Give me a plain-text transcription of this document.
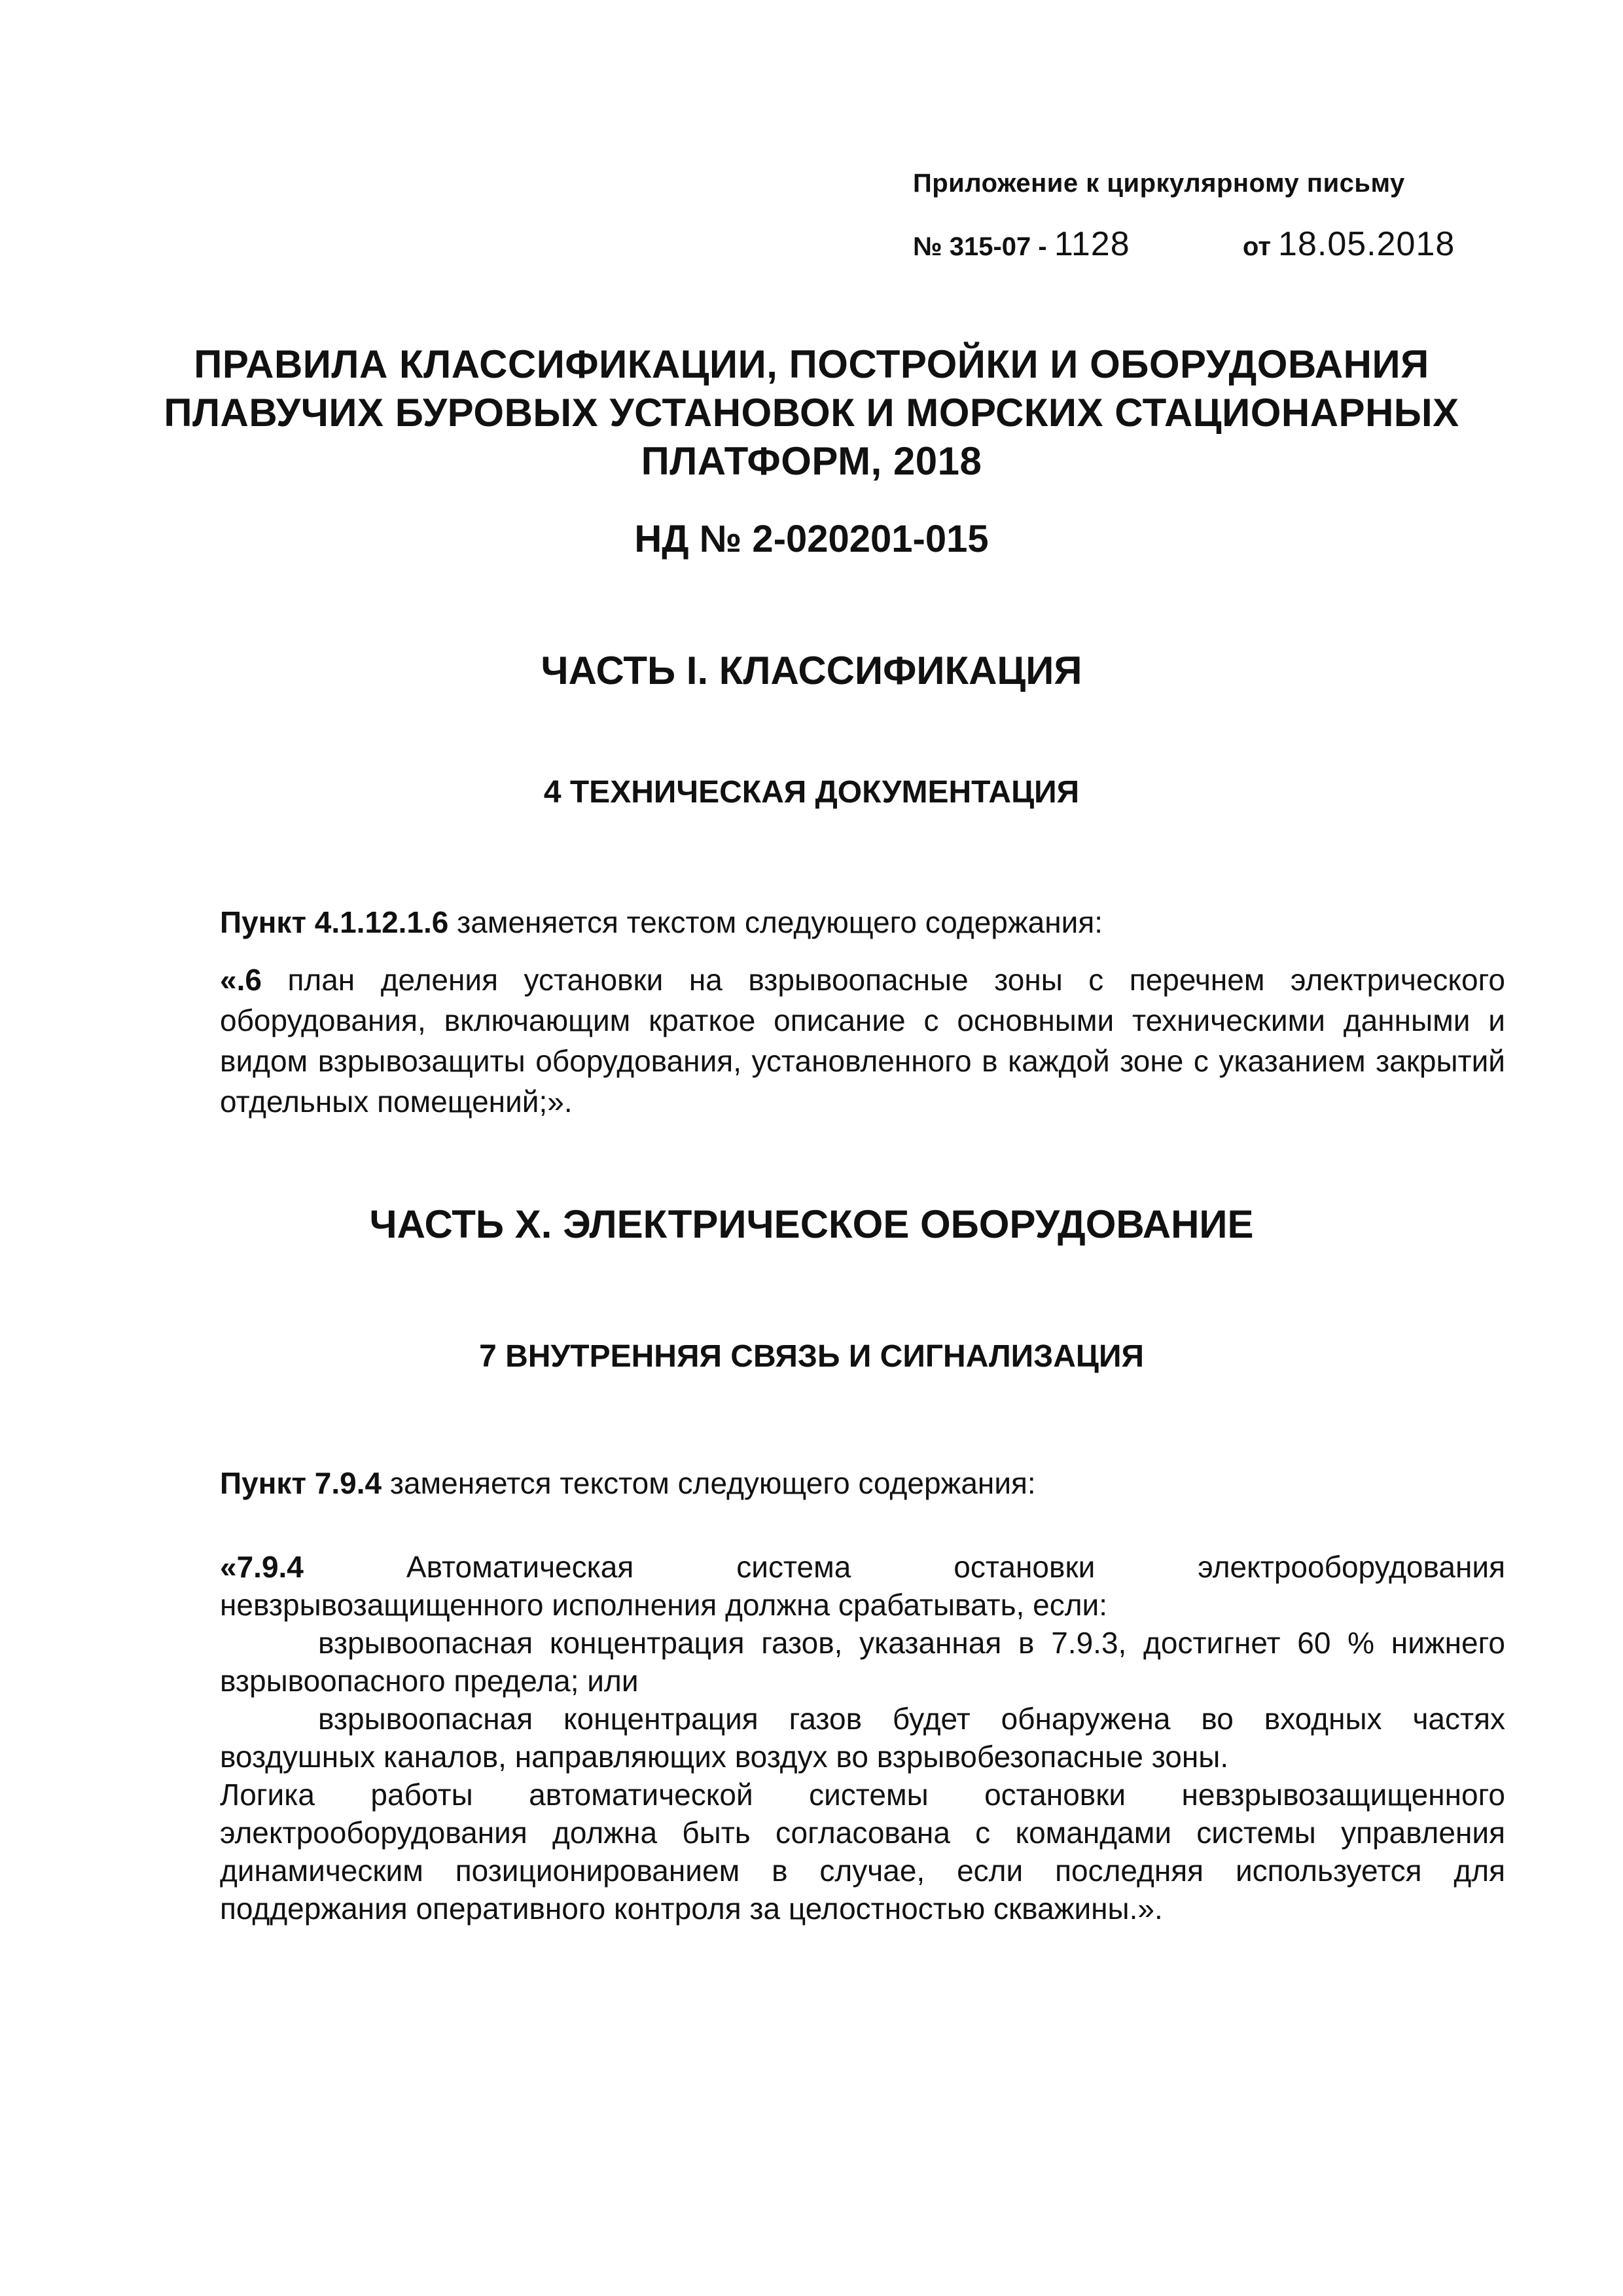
Приложение к циркулярному письму
№ 315-07 - 1128	от 18.05.2018
ПРАВИЛА КЛАССИФИКАЦИИ, ПОСТРОЙКИ И ОБОРУДОВАНИЯ ПЛАВУЧИХ БУРОВЫХ УСТАНОВОК И МОРСКИХ СТАЦИОНАРНЫХ ПЛАТФОРМ, 2018
НД № 2-020201-015
ЧАСТЬ I. КЛАССИФИКАЦИЯ
4 ТЕХНИЧЕСКАЯ ДОКУМЕНТАЦИЯ
Пункт 4.1.12.1.6 заменяется текстом следующего содержания:
«.6 план деления установки на взрывоопасные зоны с перечнем электрического оборудования, включающим краткое описание с основными техническими данными и видом взрывозащиты оборудования, установленного в каждой зоне с указанием закрытий отдельных помещений;».
ЧАСТЬ Х. ЭЛЕКТРИЧЕСКОЕ ОБОРУДОВАНИЕ
7 ВНУТРЕННЯЯ СВЯЗЬ И СИГНАЛИЗАЦИЯ
Пункт 7.9.4 заменяется текстом следующего содержания:
«7.9.4	Автоматическая	система	остановки	электрооборудования
невзрывозащищенного исполнения должна срабатывать, если:
взрывоопасная концентрация газов, указанная в 7.9.3, достигнет 60 % нижнего взрывоопасного предела; или
взрывоопасная концентрация газов будет обнаружена во входных частях воздушных каналов, направляющих воздух во взрывобезопасные зоны.
Логика работы автоматической системы остановки невзрывозащищенного электрооборудования должна быть согласована с командами системы управления динамическим позиционированием в случае, если последняя используется для поддержания оперативного контроля за целостностью скважины.».
